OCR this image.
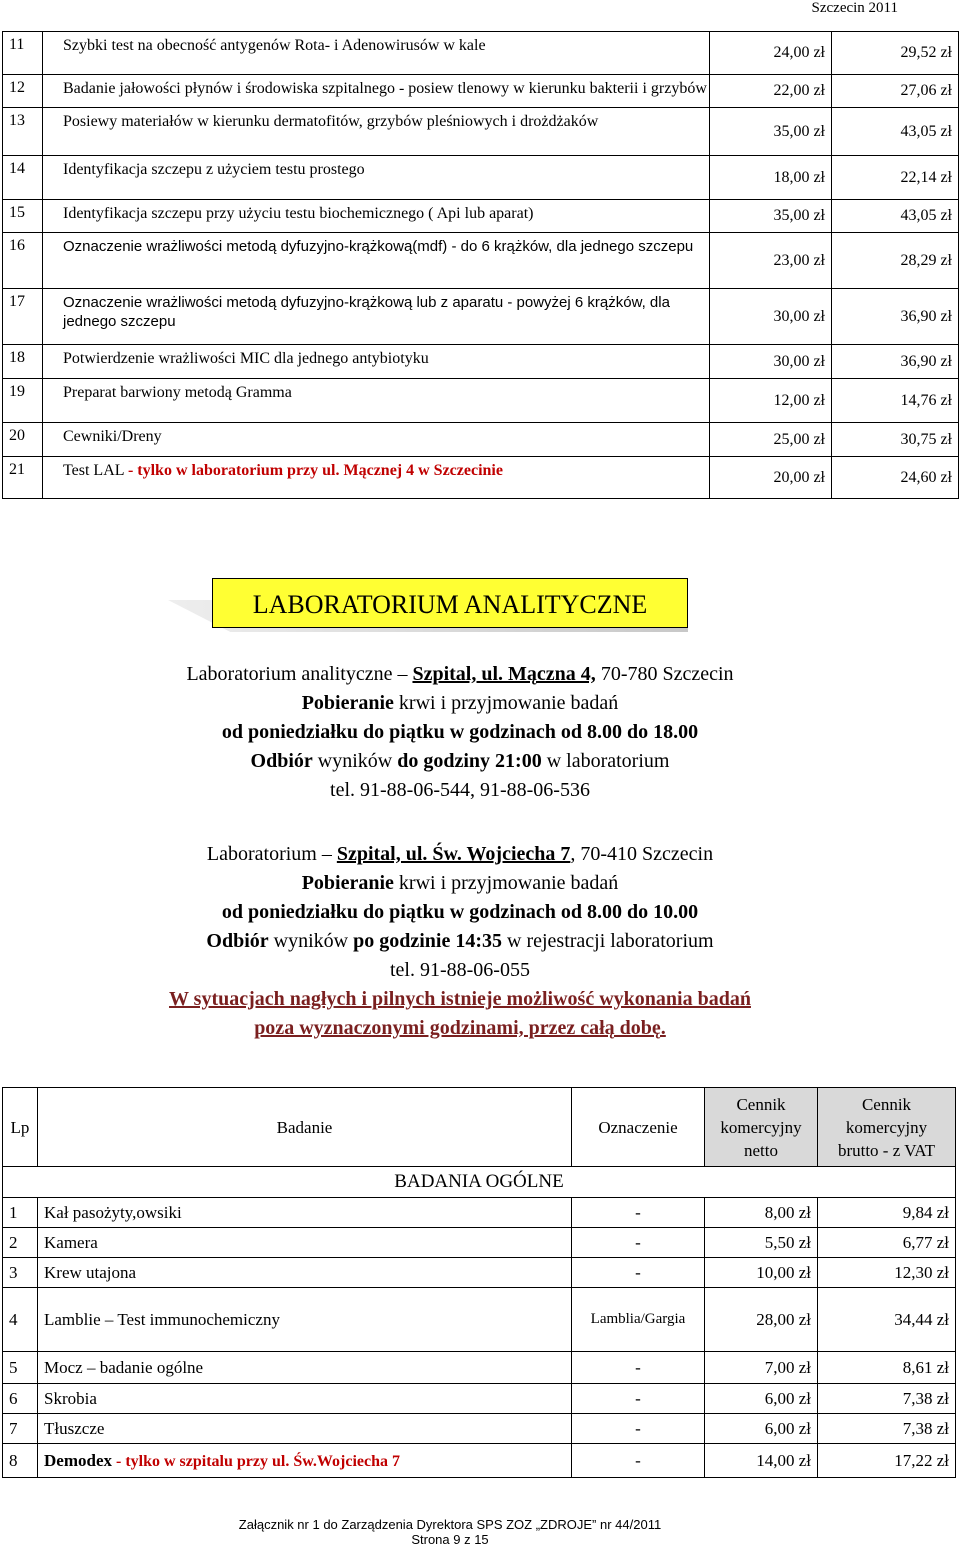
Szczecin 2011
11	Szybki test na obecność antygenów Rota- i Adenowirusów w kale	24,00 zł	29,52 zł
12	Badanie jałowości płynów i środowiska szpitalnego - posiew tlenowy w kierunku bakterii i grzybów	22,00 zł	27,06 zł
13	Posiewy materiałów w kierunku dermatofitów, grzybów pleśniowych i drożdżaków	35,00 zł	43,05 zł
14	Identyfikacja szczepu z użyciem testu prostego	18,00 zł	22,14 zł
15	Identyfikacja szczepu przy użyciu testu biochemicznego ( Api lub aparat)	35,00 zł	43,05 zł
16	Oznaczenie wrażliwości metodą dyfuzyjno-krążkową(mdf) - do 6 krążków, dla jednego szczepu	23,00 zł	28,29 zł
17	Oznaczenie wrażliwości metodą dyfuzyjno-krążkową lub z aparatu - powyżej 6 krążków, dla jednego szczepu	30,00 zł	36,90 zł
18	Potwierdzenie wrażliwości MIC dla jednego antybiotyku	30,00 zł	36,90 zł
19	Preparat barwiony metodą Gramma	12,00 zł	14,76 zł
20	Cewniki/Dreny	25,00 zł	30,75 zł
21	Test LAL - tylko w laboratorium przy ul. Mącznej 4 w Szczecinie	20,00 zł	24,60 zł
LABORATORIUM ANALITYCZNE
Laboratorium analityczne – Szpital, ul. Mączna 4, 70-780 Szczecin
Pobieranie krwi i przyjmowanie badań
od poniedziałku do piątku w godzinach od 8.00 do 18.00
Odbiór wyników do godziny 21:00 w laboratorium
tel. 91-88-06-544, 91-88-06-536
Laboratorium – Szpital, ul. Św. Wojciecha 7, 70-410 Szczecin
Pobieranie krwi i przyjmowanie badań
od poniedziałku do piątku w godzinach od 8.00 do 10.00
Odbiór wyników po godzinie 14:35 w rejestracji laboratorium
tel. 91-88-06-055
W sytuacjach nagłych i pilnych istnieje możliwość wykonania badań
poza wyznaczonymi godzinami, przez całą dobę.
Lp	Badanie	Oznaczenie	Cennik komercyjny netto	Cennik komercyjny brutto - z VAT
BADANIA OGÓLNE				
1	Kał pasożyty,owsiki	-	8,00 zł	9,84 zł
2	Kamera	-	5,50 zł	6,77 zł
3	Krew utajona	-	10,00 zł	12,30 zł
4	Lamblie – Test immunochemiczny	Lamblia/Gargia	28,00 zł	34,44 zł
5	Mocz – badanie ogólne	-	7,00 zł	8,61 zł
6	Skrobia	-	6,00 zł	7,38 zł
7	Tłuszcze	-	6,00 zł	7,38 zł
8	Demodex - tylko w szpitalu przy ul. Św.Wojciecha 7	-	14,00 zł	17,22 zł
Załącznik nr 1 do Zarządzenia Dyrektora SPS ZOZ „ZDROJE” nr 44/2011
Strona 9 z 15
